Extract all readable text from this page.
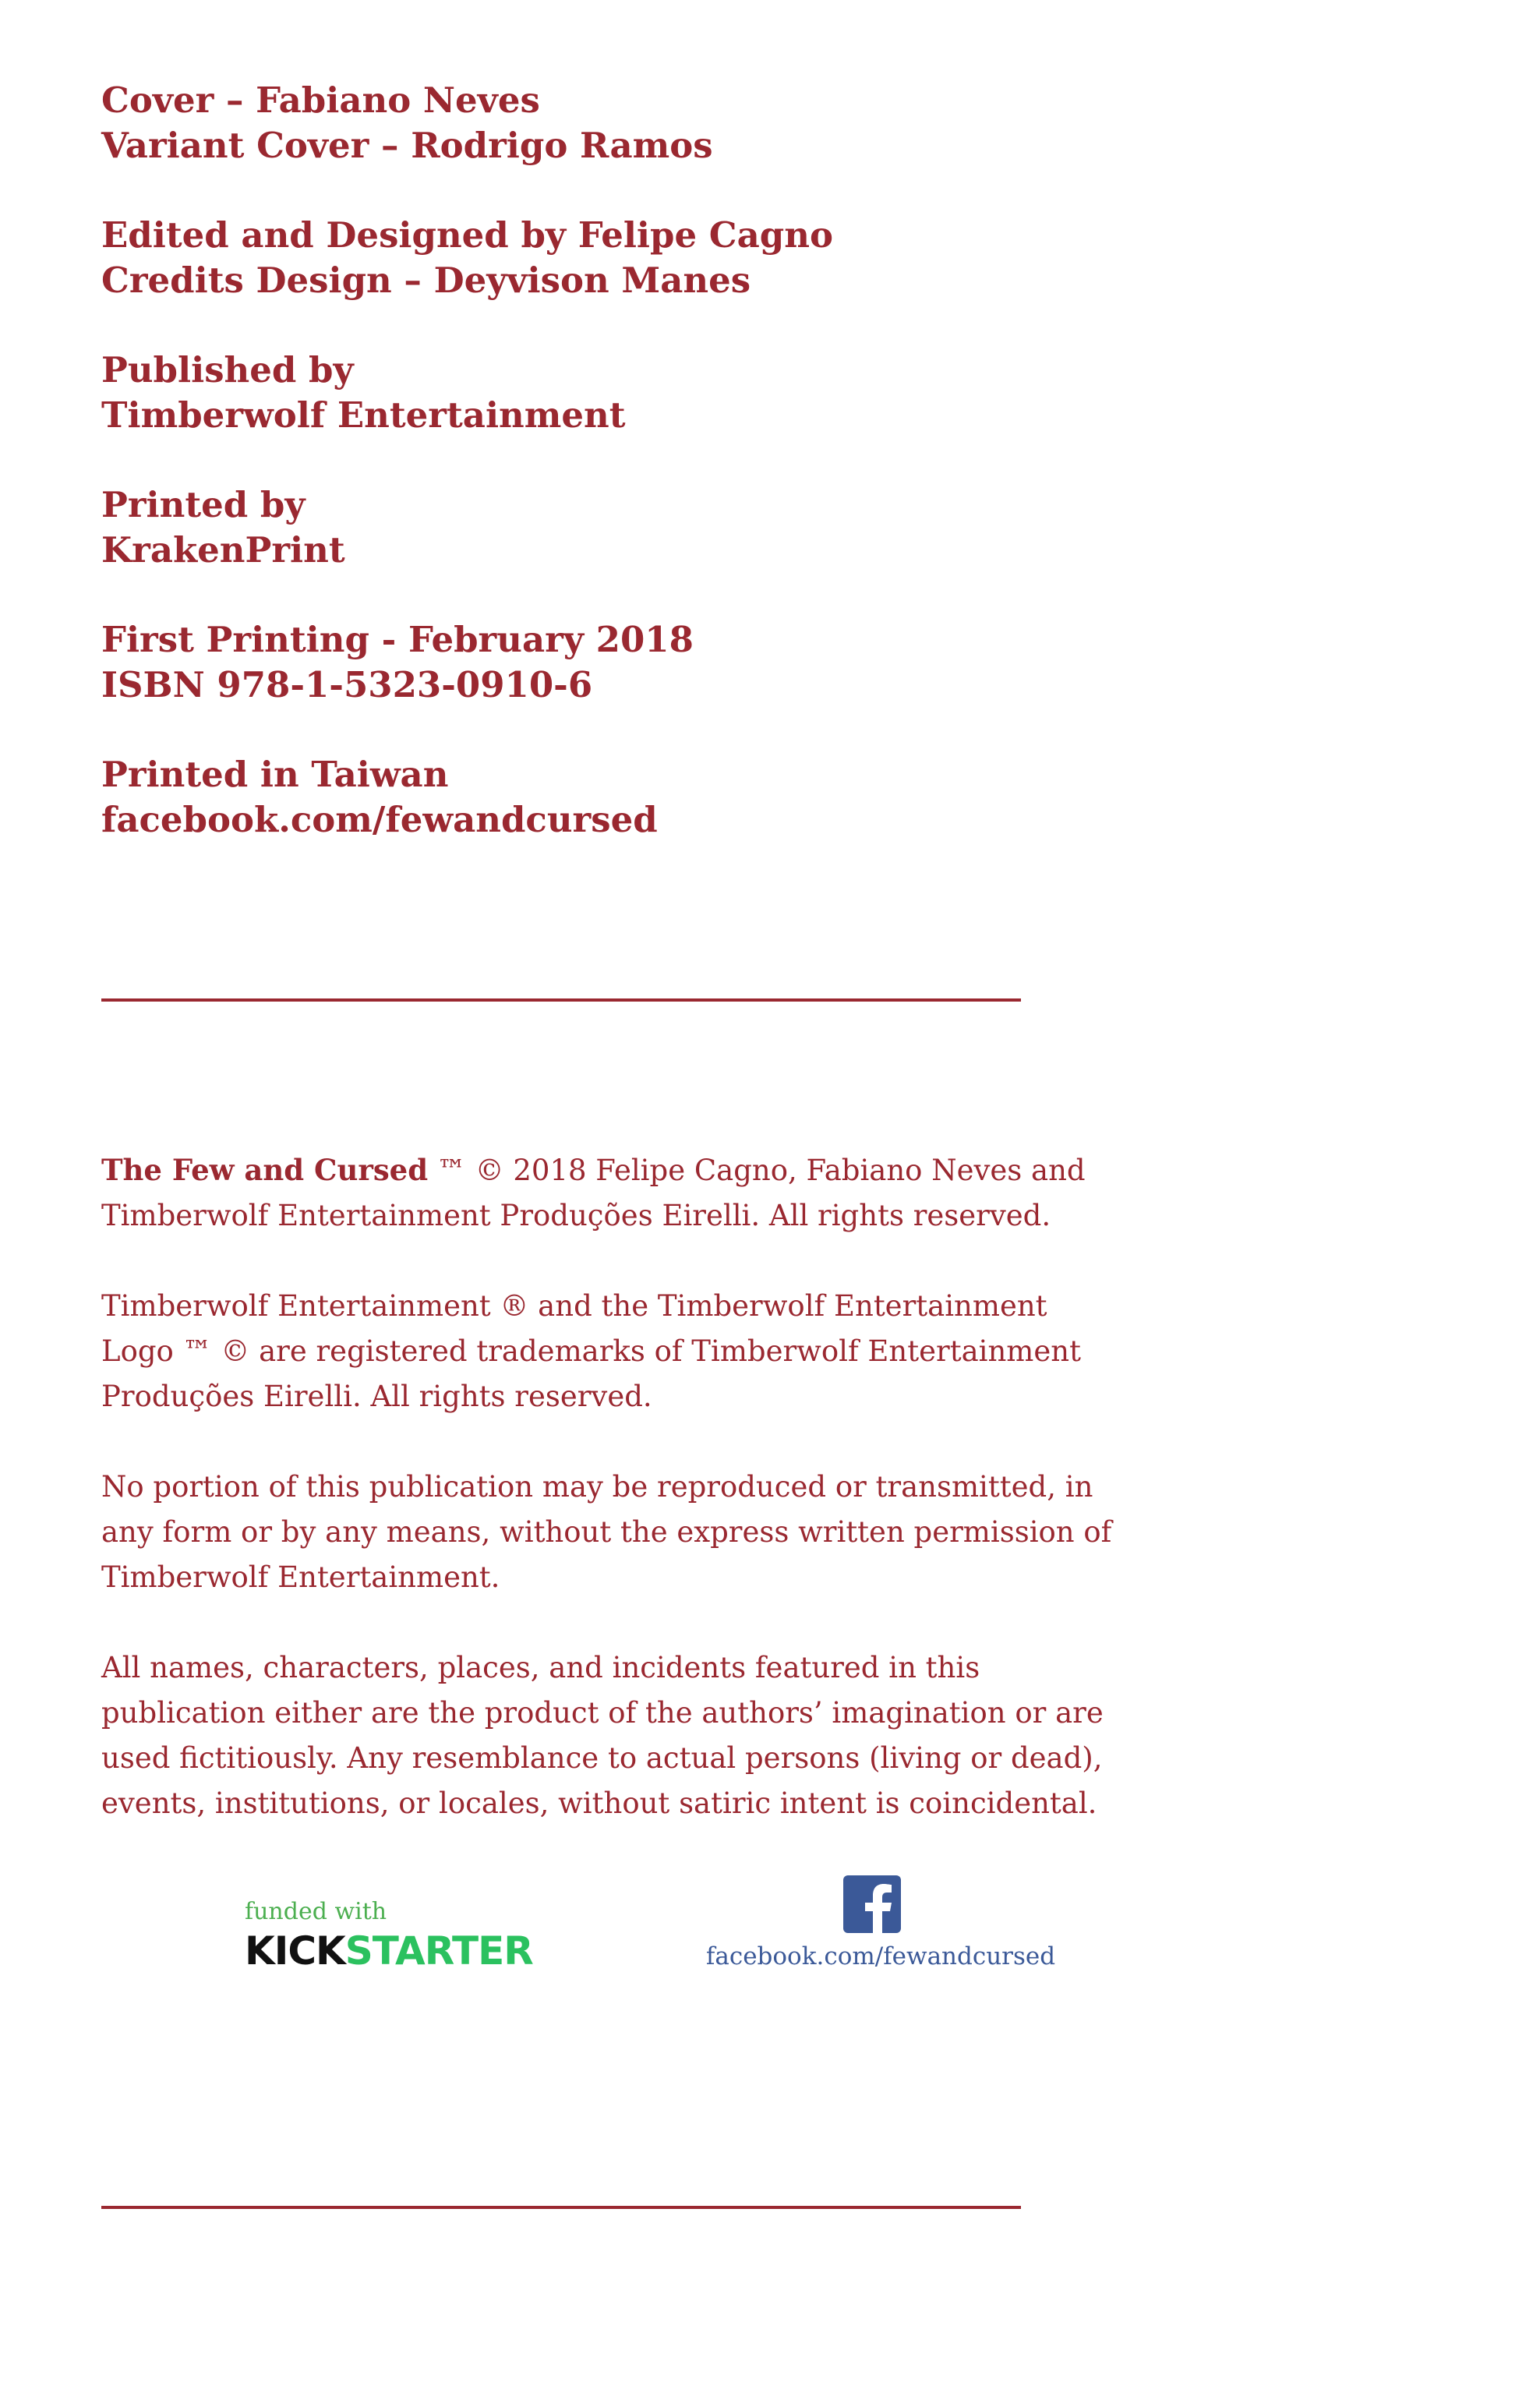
Cover – Fabiano Neves
Variant Cover – Rodrigo Ramos
Edited and Designed by Felipe Cagno
Credits Design – Deyvison Manes
Published by
Timberwolf Entertainment
Printed by
KrakenPrint
First Printing - February 2018
ISBN 978-1-5323-0910-6
Printed in Taiwan
facebook.com/fewandcursed

The Few and Cursed ™ © 2018 Felipe Cagno, Fabiano Neves and
Timberwolf Entertainment Produções Eirelli. All rights reserved.

Timberwolf Entertainment ® and the Timberwolf Entertainment
Logo ™ © are registered trademarks of Timberwolf Entertainment
Produções Eirelli. All rights reserved.

No portion of this publication may be reproduced or transmitted, in
any form or by any means, without the express written permission of
Timberwolf Entertainment.

All names, characters, places, and incidents featured in this
publication either are the product of the authors’ imagination or are
used fictitiously. Any resemblance to actual persons (living or dead),
events, institutions, or locales, without satiric intent is coincidental.

funded with
KICKSTARTER	facebook.com/fewandcursed
